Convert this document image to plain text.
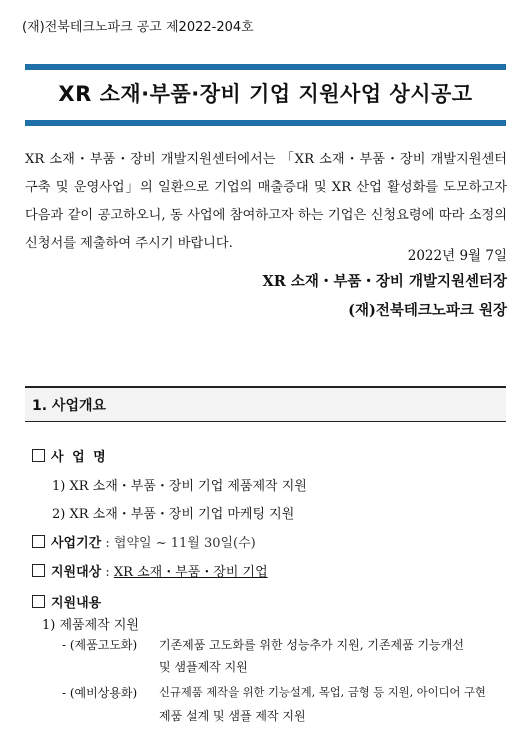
(재)전북테크노파크 공고 제2022-204호
XR 소재·부품·장비 기업 지원사업 상시공고
XR 소재・부품・장비 개발지원센터에서는 「XR 소재・부품・장비 개발지원센터 구축 및 운영사업」의 일환으로 기업의 매출증대 및 XR 산업 활성화를 도모하고자 다음과 같이 공고하오니, 동 사업에 참여하고자 하는 기업은 신청요령에 따라 소정의 신청서를 제출하여 주시기 바랍니다.
2022년 9월 7일
XR 소재・부품・장비 개발지원센터장
(재)전북테크노파크 원장
1. 사업개요
사 업 명
1) XR 소재・부품・장비 기업 제품제작 지원
2) XR 소재・부품・장비 기업 마케팅 지원
사업기간 : 협약일 ~ 11월 30일(수)
지원대상 : XR 소재・부품・장비 기업
지원내용
1) 제품제작 지원
- (제품고도화) 기존제품 고도화를 위한 성능추가 지원, 기존제품 기능개선
및 샘플제작 지원
- (예비상용화) 신규제품 제작을 위한 기능설계, 목업, 금형 등 지원, 아이디어 구현
제품 설계 및 샘플 제작 지원
